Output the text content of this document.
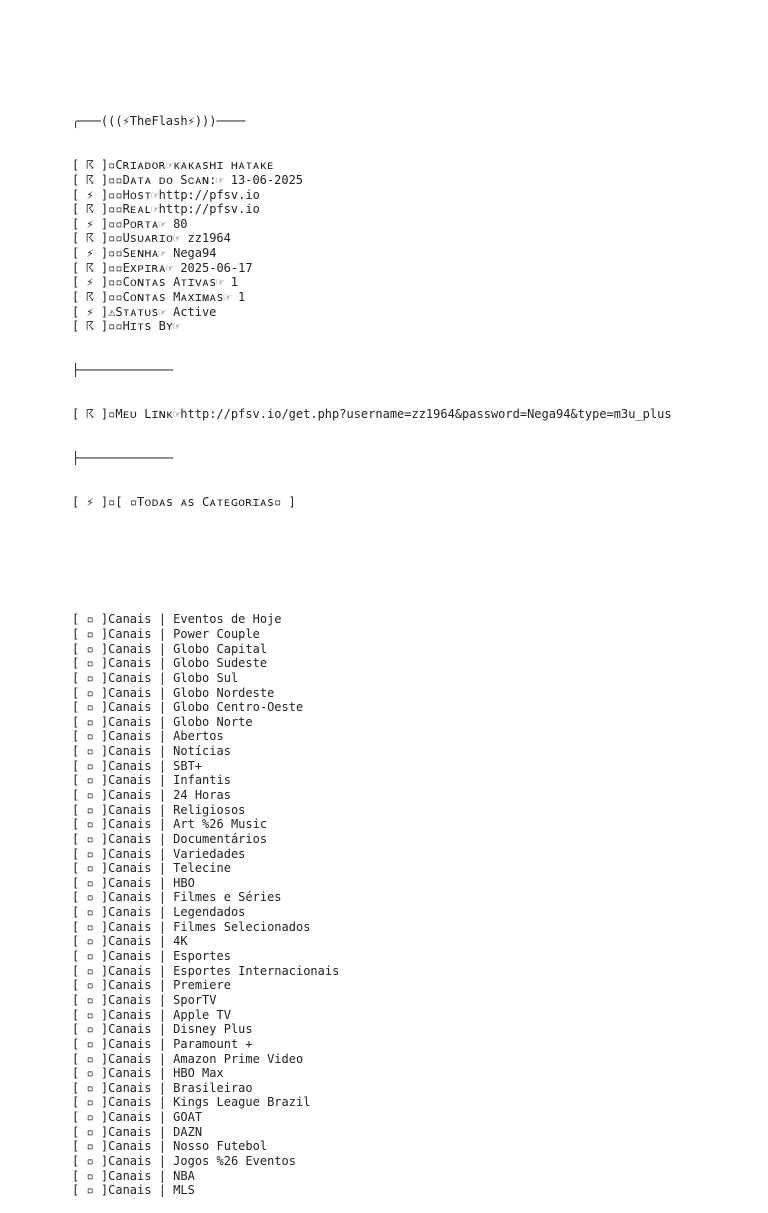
╭───(((⚡TheFlash⚡)))────

[ ☈ ]▫Cʀɪᴀᴅᴏʀ☞ᴋᴀᴋᴀsʜɪ ʜᴀᴛᴀᴋᴇ
[ ☈ ]▫▫Dᴀᴛᴀ ᴅᴏ Sᴄᴀɴ:☞ 13-06-2025
[ ⚡ ]▫▫Hᴏsᴛ☞http://pfsv.io
[ ☈ ]▫▫Rᴇᴀʟ☞http://pfsv.io
[ ⚡ ]▫▫Pᴏʀᴛᴀ☞ 80
[ ☈ ]▫▫Usᴜᴀʀɪᴏ☞ zz1964
[ ⚡ ]▫▫Sᴇɴʜᴀ☞ Nega94
[ ☈ ]▫▫Exᴘɪʀᴀ☞ 2025-06-17
[ ⚡ ]▫▫Cᴏɴᴛᴀs Aᴛɪᴠᴀs☞ 1
[ ☈ ]▫▫Cᴏɴᴛᴀs Mᴀxɪᴍᴀs☞ 1
[ ⚡ ]⚠Sᴛᴀᴛᴜs☞ Active
[ ☈ ]▫▫Hɪᴛs Bʏ☞

├─────────────

[ ☈ ]▫Mᴇᴜ Lɪɴᴋ☞http://pfsv.io/get.php?username=zz1964&password=Nega94&type=m3u_plus

├─────────────

[ ⚡ ]▫[ ▫Tᴏᴅᴀs ᴀs Cᴀᴛᴇɢᴏʀɪᴀs▫ ]

[ ▫ ]Canais | Eventos de Hoje
[ ▫ ]Canais | Power Couple
[ ▫ ]Canais | Globo Capital
[ ▫ ]Canais | Globo Sudeste
[ ▫ ]Canais | Globo Sul
[ ▫ ]Canais | Globo Nordeste
[ ▫ ]Canais | Globo Centro-Oeste
[ ▫ ]Canais | Globo Norte
[ ▫ ]Canais | Abertos
[ ▫ ]Canais | Notícias
[ ▫ ]Canais | SBT+
[ ▫ ]Canais | Infantis
[ ▫ ]Canais | 24 Horas
[ ▫ ]Canais | Religiosos
[ ▫ ]Canais | Art %26 Music
[ ▫ ]Canais | Documentários
[ ▫ ]Canais | Variedades
[ ▫ ]Canais | Telecine
[ ▫ ]Canais | HBO
[ ▫ ]Canais | Filmes e Séries
[ ▫ ]Canais | Legendados
[ ▫ ]Canais | Filmes Selecionados
[ ▫ ]Canais | 4K
[ ▫ ]Canais | Esportes
[ ▫ ]Canais | Esportes Internacionais
[ ▫ ]Canais | Premiere
[ ▫ ]Canais | SporTV
[ ▫ ]Canais | Apple TV
[ ▫ ]Canais | Disney Plus
[ ▫ ]Canais | Paramount +
[ ▫ ]Canais | Amazon Prime Video
[ ▫ ]Canais | HBO Max
[ ▫ ]Canais | Brasileirao
[ ▫ ]Canais | Kings League Brazil
[ ▫ ]Canais | GOAT
[ ▫ ]Canais | DAZN
[ ▫ ]Canais | Nosso Futebol
[ ▫ ]Canais | Jogos %26 Eventos
[ ▫ ]Canais | NBA
[ ▫ ]Canais | MLS
